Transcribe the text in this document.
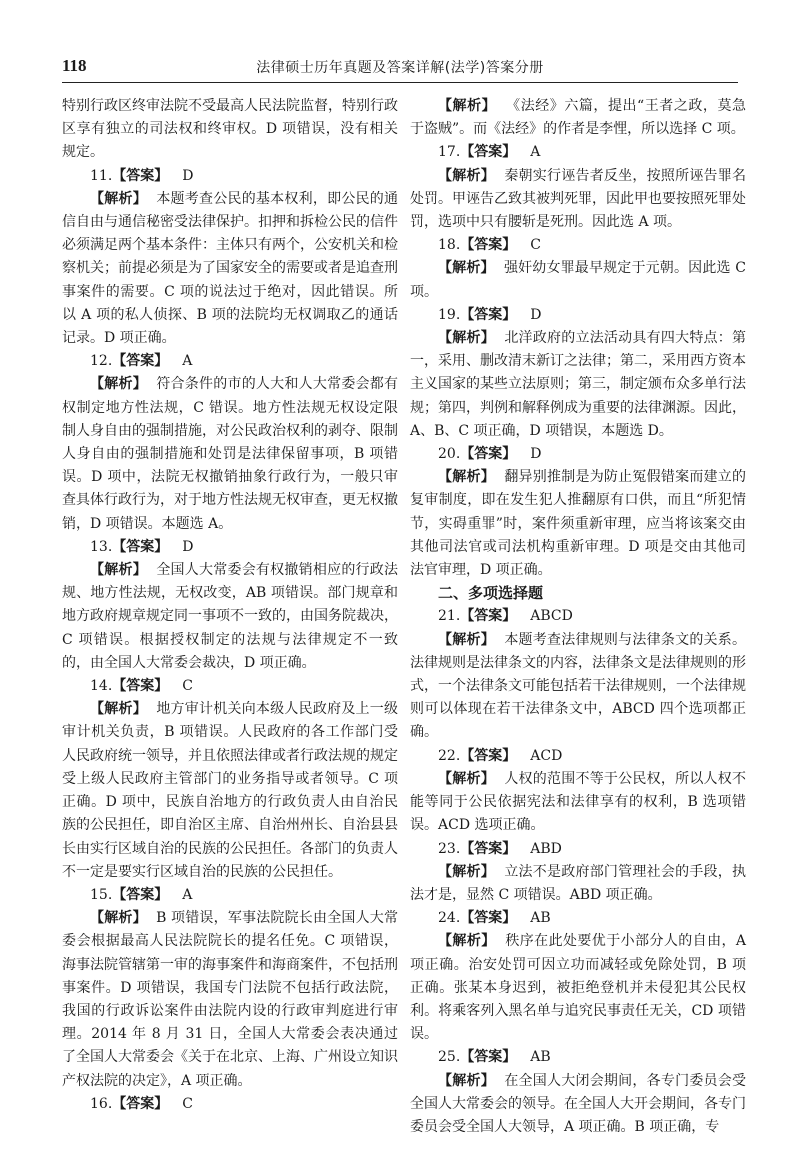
118	法律硕士历年真题及答案详解(法学)答案分册

特别行政区终审法院不受最高人民法院监督，特别行政区享有独立的司法权和终审权。D 项错误，没有相关规定。

11.【答案】 D

【解析】 本题考查公民的基本权利，即公民的通信自由与通信秘密受法律保护。扣押和拆检公民的信件必须满足两个基本条件：主体只有两个，公安机关和检察机关；前提必须是为了国家安全的需要或者是追查刑事案件的需要。C 项的说法过于绝对，因此错误。所以 A 项的私人侦探、B 项的法院均无权调取乙的通话记录。D 项正确。

12.【答案】 A

【解析】 符合条件的市的人大和人大常委会都有权制定地方性法规，C 错误。地方性法规无权设定限制人身自由的强制措施，对公民政治权利的剥夺、限制人身自由的强制措施和处罚是法律保留事项，B 项错误。D 项中，法院无权撤销抽象行政行为，一般只审查具体行政行为，对于地方性法规无权审查，更无权撤销，D 项错误。本题选 A。

13.【答案】 D

【解析】 全国人大常委会有权撤销相应的行政法规、地方性法规，无权改变，AB 项错误。部门规章和地方政府规章规定同一事项不一致的，由国务院裁决，C 项错误。根据授权制定的法规与法律规定不一致的，由全国人大常委会裁决，D 项正确。

14.【答案】 C

【解析】 地方审计机关向本级人民政府及上一级审计机关负责，B 项错误。人民政府的各工作部门受人民政府统一领导，并且依照法律或者行政法规的规定受上级人民政府主管部门的业务指导或者领导。C 项正确。D 项中，民族自治地方的行政负责人由自治民族的公民担任，即自治区主席、自治州州长、自治县县长由实行区域自治的民族的公民担任。各部门的负责人不一定是要实行区域自治的民族的公民担任。

15.【答案】 A

【解析】 B 项错误，军事法院院长由全国人大常委会根据最高人民法院院长的提名任免。C 项错误，海事法院管辖第一审的海事案件和海商案件，不包括刑事案件。D 项错误，我国专门法院不包括行政法院，我国的行政诉讼案件由法院内设的行政审判庭进行审理。2014 年 8 月 31 日，全国人大常委会表决通过了全国人大常委会《关于在北京、上海、广州设立知识产权法院的决定》，A 项正确。

16.【答案】 C

【解析】 《法经》六篇，提出“王者之政，莫急于盗贼”。而《法经》的作者是李悝，所以选择 C 项。

17.【答案】 A

【解析】 秦朝实行诬告者反坐，按照所诬告罪名处罚。甲诬告乙致其被判死罪，因此甲也要按照死罪处罚，选项中只有腰斩是死刑。因此选 A 项。

18.【答案】 C

【解析】 强奸幼女罪最早规定于元朝。因此选 C 项。

19.【答案】 D

【解析】 北洋政府的立法活动具有四大特点：第一，采用、删改清末新订之法律；第二，采用西方资本主义国家的某些立法原则；第三，制定颁布众多单行法规；第四，判例和解释例成为重要的法律渊源。因此，A、B、C 项正确，D 项错误，本题选 D。

20.【答案】 D

【解析】 翻异别推制是为防止冤假错案而建立的复审制度，即在发生犯人推翻原有口供，而且“所犯情节，实碍重罪”时，案件须重新审理，应当将该案交由其他司法官或司法机构重新审理。D 项是交由其他司法官审理，D 项正确。

二、多项选择题

21.【答案】 ABCD

【解析】 本题考查法律规则与法律条文的关系。法律规则是法律条文的内容，法律条文是法律规则的形式，一个法律条文可能包括若干法律规则，一个法律规则可以体现在若干法律条文中，ABCD 四个选项都正确。

22.【答案】 ACD

【解析】 人权的范围不等于公民权，所以人权不能等同于公民依据宪法和法律享有的权利，B 选项错误。ACD 选项正确。

23.【答案】 ABD

【解析】 立法不是政府部门管理社会的手段，执法才是，显然 C 项错误。ABD 项正确。

24.【答案】 AB

【解析】 秩序在此处要优于小部分人的自由，A 项正确。治安处罚可因立功而减轻或免除处罚，B 项正确。张某本身迟到，被拒绝登机并未侵犯其公民权利。将乘客列入黑名单与追究民事责任无关，CD 项错误。

25.【答案】 AB

【解析】 在全国人大闭会期间，各专门委员会受全国人大常委会的领导。在全国人大开会期间，各专门委员会受全国人大领导，A 项正确。B 项正确，专
